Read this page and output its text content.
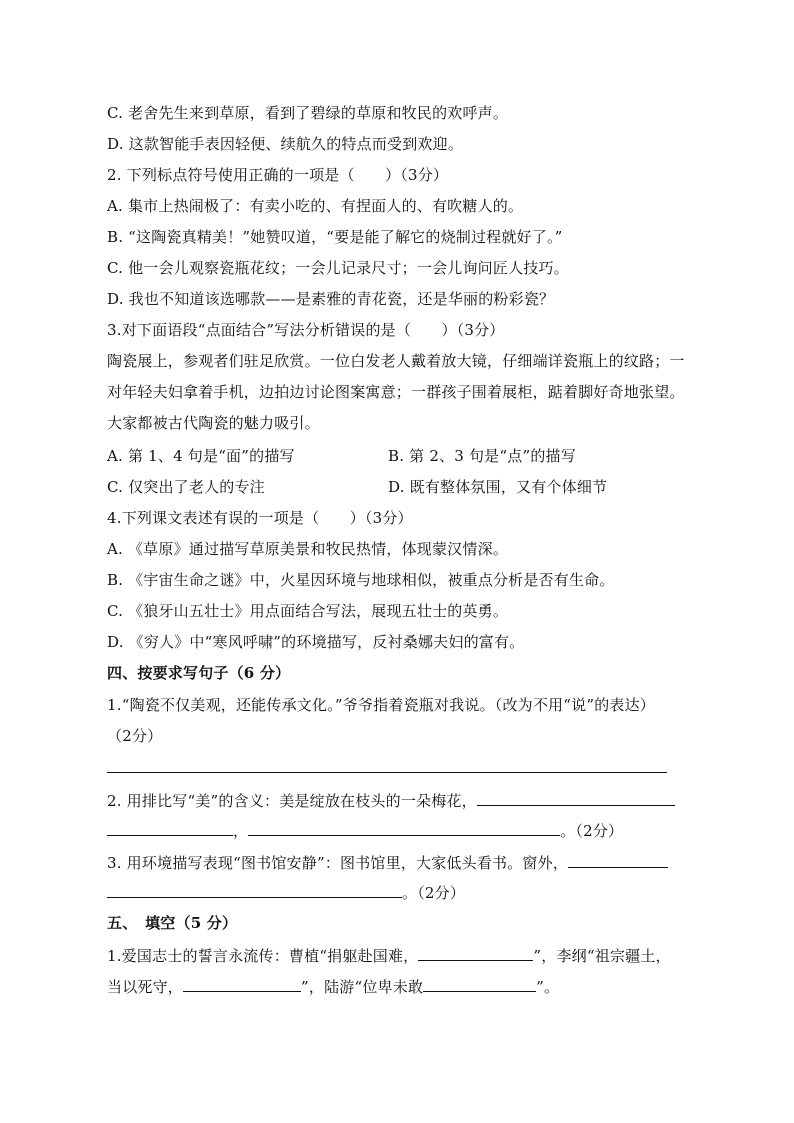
C. 老舍先生来到草原，看到了碧绿的草原和牧民的欢呼声。
D. 这款智能手表因轻便、续航久的特点而受到欢迎。
2. 下列标点符号使用正确的一项是（　　）（3分）
A. 集市上热闹极了：有卖小吃的、有捏面人的、有吹糖人的。
B. “这陶瓷真精美！”她赞叹道，“要是能了解它的烧制过程就好了。”
C. 他一会儿观察瓷瓶花纹；一会儿记录尺寸；一会儿询问匠人技巧。
D. 我也不知道该选哪款——是素雅的青花瓷，还是华丽的粉彩瓷？
3.对下面语段“点面结合”写法分析错误的是（　　）（3分）
陶瓷展上，参观者们驻足欣赏。一位白发老人戴着放大镜，仔细端详瓷瓶上的纹路；一
对年轻夫妇拿着手机，边拍边讨论图案寓意；一群孩子围着展柜，踮着脚好奇地张望。
大家都被古代陶瓷的魅力吸引。
A. 第 1、4 句是“面”的描写	B. 第 2、3 句是“点”的描写
C. 仅突出了老人的专注	D. 既有整体氛围，又有个体细节
4.下列课文表述有误的一项是（　　）（3分）
A. 《草原》通过描写草原美景和牧民热情，体现蒙汉情深。
B. 《宇宙生命之谜》中，火星因环境与地球相似，被重点分析是否有生命。
C. 《狼牙山五壮士》用点面结合写法，展现五壮士的英勇。
D. 《穷人》中“寒风呼啸”的环境描写，反衬桑娜夫妇的富有。
四、按要求写句子（6 分）
1.“陶瓷不仅美观，还能传承文化。”爷爷指着瓷瓶对我说。（改为不用“说”的表达）
（2分）
2. 用排比写“美”的含义：美是绽放在枝头的一朵梅花，
，	。（2分）
3. 用环境描写表现“图书馆安静”：图书馆里，大家低头看书。窗外，
。（2分）
五、　填空（5 分）
1.爱国志士的誓言永流传：曹植“捐躯赴国难，	”，李纲“祖宗疆土，
当以死守，	”，陆游“位卑未敢	”。
